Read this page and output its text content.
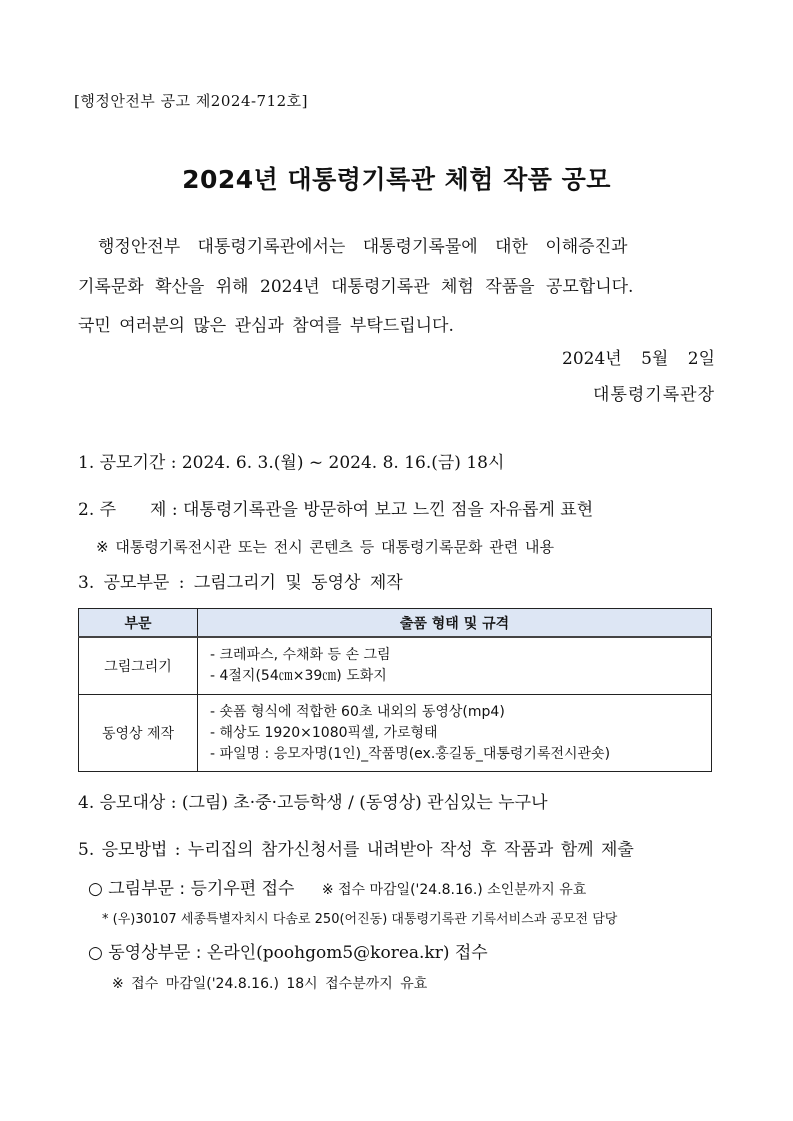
[행정안전부 공고 제2024-712호]
2024년 대통령기록관 체험 작품 공모
행정안전부 대통령기록관에서는 대통령기록물에 대한 이해증진과
기록문화 확산을 위해 2024년 대통령기록관 체험 작품을 공모합니다.
국민 여러분의 많은 관심과 참여를 부탁드립니다.
2024년 5월 2일
대통령기록관장
1. 공모기간 : 2024. 6. 3.(월) ~ 2024. 8. 16.(금) 18시
2. 주　　제 : 대통령기록관을 방문하여 보고 느낀 점을 자유롭게 표현
※ 대통령기록전시관 또는 전시 콘텐츠 등 대통령기록문화 관련 내용
3. 공모부문 : 그림그리기 및 동영상 제작
부문	출품 형태 및 규격
그림그리기	- 크레파스, 수채화 등 손 그림
- 4절지(54㎝×39㎝) 도화지

동영상 제작	- 숏폼 형식에 적합한 60초 내외의 동영상(mp4)
- 해상도 1920×1080픽셀, 가로형태
- 파일명 : 응모자명(1인)_작품명(ex.홍길동_대통령기록전시관숏)
4. 응모대상 : (그림) 초·중·고등학생 / (동영상) 관심있는 누구나
5. 응모방법 : 누리집의 참가신청서를 내려받아 작성 후 작품과 함께 제출
○ 그림부문 : 등기우편 접수 ※ 접수 마감일('24.8.16.) 소인분까지 유효
* (우)30107 세종특별자치시 다솜로 250(어진동) 대통령기록관 기록서비스과 공모전 담당
○ 동영상부문 : 온라인(poohgom5@korea.kr) 접수
※ 접수 마감일('24.8.16.) 18시 접수분까지 유효
